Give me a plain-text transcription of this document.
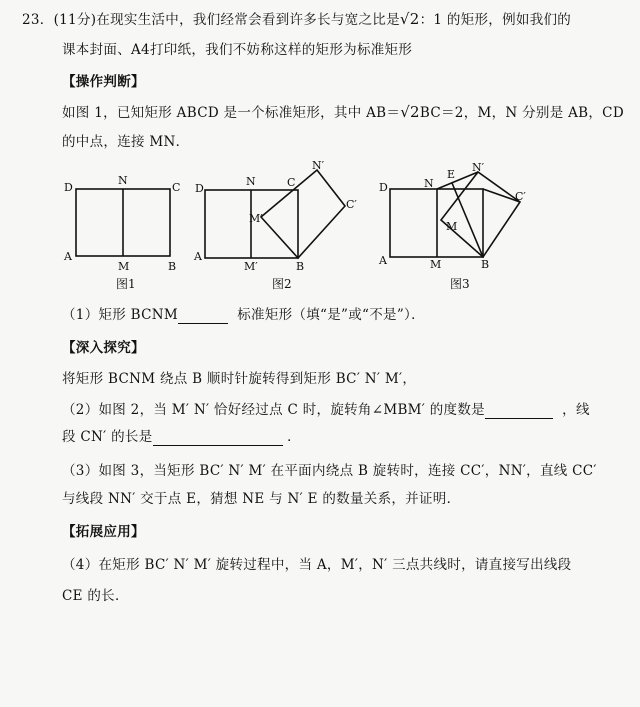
23．(11分)在现实生活中，我们经常会看到许多长与宽之比是√2：1 的矩形，例如我们的
课本封面、A4打印纸，我们不妨称这样的矩形为标准矩形
【操作判断】
如图 1，已知矩形 ABCD 是一个标准矩形，其中 AB＝√2BC＝2，M，N 分别是 AB，CD
的中点，连接 MN．
D
N
C
A
M	B
D
N	C
N′
M′
C′
A
M′	B
D	N
E
N′
C′
M
A	M	B
图1	图2	图3
（1）矩形 BCNM	标准矩形（填“是”或“不是”）．
【深入探究】
将矩形 BCNM 绕点 B 顺时针旋转得到矩形 BC′ N′ M′，
（2）如图 2，当 M′ N′ 恰好经过点 C 时，旋转角∠MBM′ 的度数是	，线
段 CN′ 的长是	．
（3）如图 3，当矩形 BC′ N′ M′ 在平面内绕点 B 旋转时，连接 CC′，NN′，直线 CC′
与线段 NN′ 交于点 E，猜想 NE 与 N′ E 的数量关系，并证明．
【拓展应用】
（4）在矩形 BC′ N′ M′ 旋转过程中，当 A，M′，N′ 三点共线时，请直接写出线段
CE 的长．
